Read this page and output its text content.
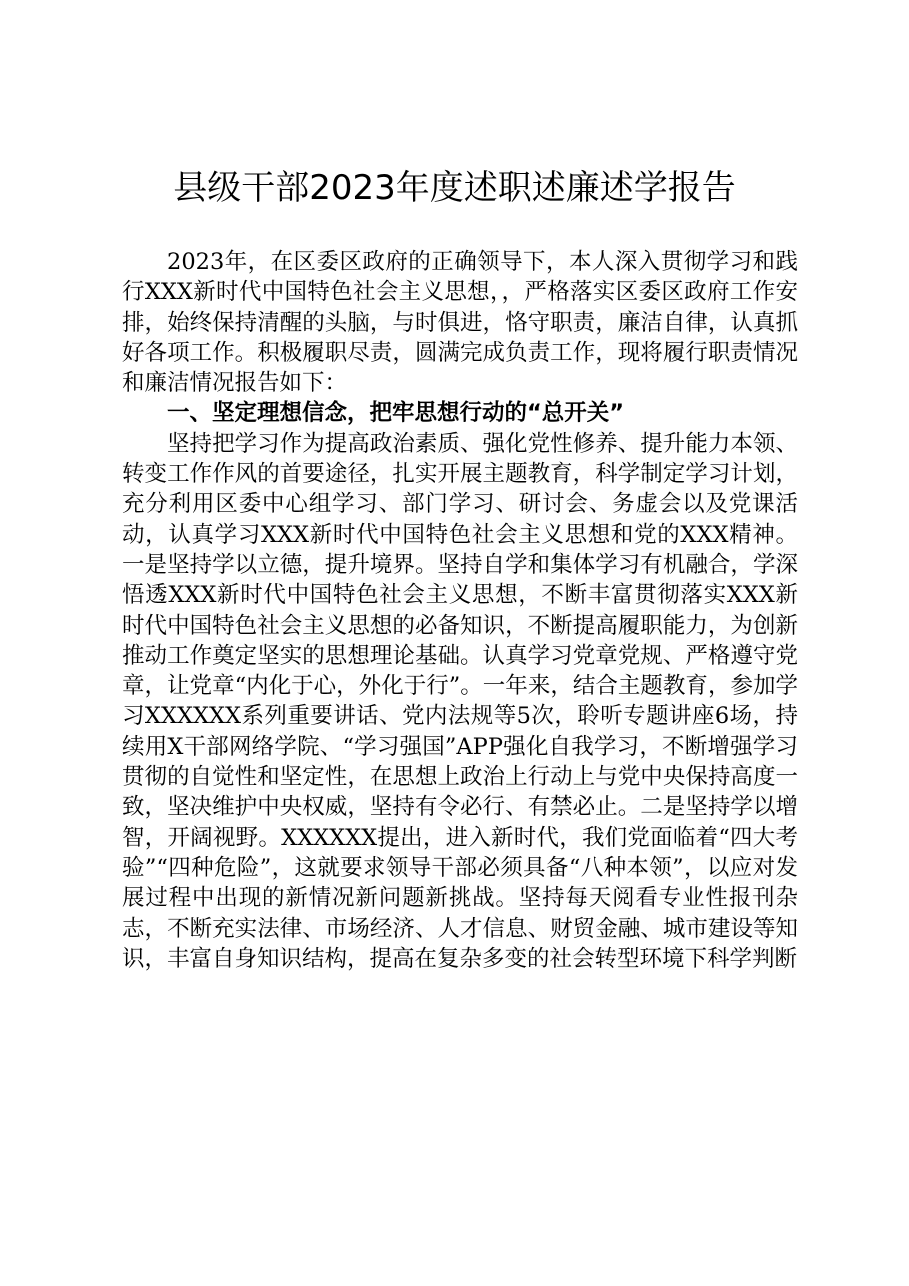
县级干部2023年度述职述廉述学报告

2023年，在区委区政府的正确领导下，本人深入贯彻学习和践行XXX新时代中国特色社会主义思想，，严格落实区委区政府工作安排，始终保持清醒的头脑，与时俱进，恪守职责，廉洁自律，认真抓好各项工作。积极履职尽责，圆满完成负责工作，现将履行职责情况和廉洁情况报告如下：

一、坚定理想信念，把牢思想行动的“总开关”

坚持把学习作为提高政治素质、强化党性修养、提升能力本领、转变工作作风的首要途径，扎实开展主题教育，科学制定学习计划，充分利用区委中心组学习、部门学习、研讨会、务虚会以及党课活动，认真学习XXX新时代中国特色社会主义思想和党的XXX精神。一是坚持学以立德，提升境界。坚持自学和集体学习有机融合，学深悟透XXX新时代中国特色社会主义思想，不断丰富贯彻落实XXX新时代中国特色社会主义思想的必备知识，不断提高履职能力，为创新推动工作奠定坚实的思想理论基础。认真学习党章党规、严格遵守党章，让党章“内化于心，外化于行”。一年来，结合主题教育，参加学习XXXXXX系列重要讲话、党内法规等5次，聆听专题讲座6场，持续用X干部网络学院、“学习强国”APP强化自我学习，不断增强学习贯彻的自觉性和坚定性，在思想上政治上行动上与党中央保持高度一致，坚决维护中央权威，坚持有令必行、有禁必止。二是坚持学以增智，开阔视野。XXXXXX提出，进入新时代，我们党面临着“四大考验”“四种危险”，这就要求领导干部必须具备“八种本领”，以应对发展过程中出现的新情况新问题新挑战。坚持每天阅看专业性报刊杂志，不断充实法律、市场经济、人才信息、财贸金融、城市建设等知识，丰富自身知识结构，提高在复杂多变的社会转型环境下科学判断
